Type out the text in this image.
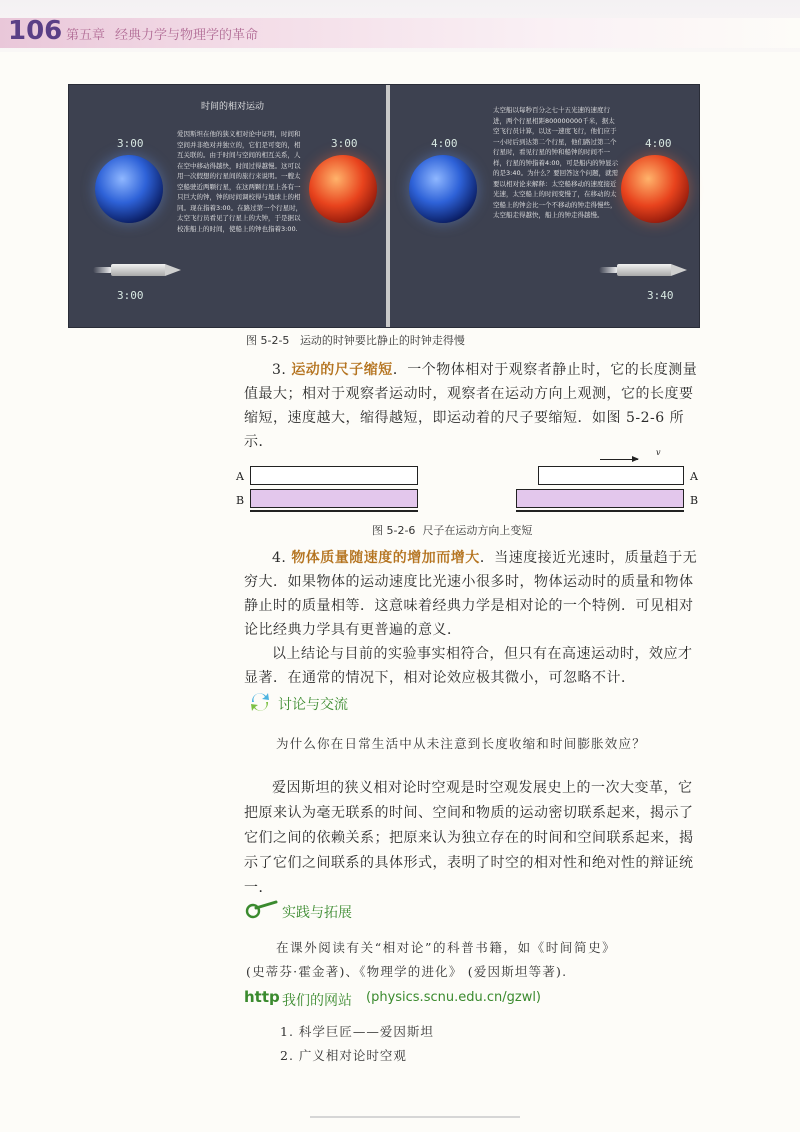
106 第五章 经典力学与物理学的革命
时间的相对运动
3:00
爱因斯坦在他的狭义相对论中证明，时间和空间并非绝对并独立的，它们是可变的，相互关联的。由于时间与空间的相互关系，人在空中移动得越快，时间过得越慢。这可以用一次假想的行星间的旅行来说明。一艘太空船驶近两颗行星，在这两颗行星上各有一只巨大的钟，钟的时间调校得与地球上的相同。现在指着3:00。在路过第一个行星时，太空飞行员看见了行星上的大钟，于是据以校准船上的时间，使船上的钟也指着3:00.
3:00
3:00
4:00
太空船以每秒百分之七十五光速的速度行进，两个行星相距800000000千米，据太空飞行员计算，以这一速度飞行，他们应于一小时后到达第二个行星，他们路过第二个行星时，看见行星的钟和船钟的时间不一样，行星的钟指着4:00，可是船内的钟显示的是3:40。为什么？要回答这个问题，就需要以相对论来解释：太空船移动的速度接近光速，太空船上的时间变慢了，在移动的太空船上的钟会比一个不移动的钟走得慢些，太空船走得越快，船上的钟走得越慢。
4:00
3:40
图 5-2-5 运动的时钟要比静止的时钟走得慢
3. 运动的尺子缩短．一个物体相对于观察者静止时，它的长度测量值最大；相对于观察者运动时，观察者在运动方向上观测，它的长度要缩短，速度越大，缩得越短，即运动着的尺子要缩短．如图 5-2-6 所示．
A
B
v
A
B
图 5-2-6 尺子在运动方向上变短
4. 物体质量随速度的增加而增大．当速度接近光速时，质量趋于无穷大．如果物体的运动速度比光速小很多时，物体运动时的质量和物体静止时的质量相等．这意味着经典力学是相对论的一个特例．可见相对论比经典力学具有更普遍的意义．
以上结论与目前的实验事实相符合，但只有在高速运动时，效应才显著．在通常的情况下，相对论效应极其微小，可忽略不计．
讨论与交流
为什么你在日常生活中从未注意到长度收缩和时间膨胀效应？
爱因斯坦的狭义相对论时空观是时空观发展史上的一次大变革，它把原来认为毫无联系的时间、空间和物质的运动密切联系起来，揭示了它们之间的依赖关系；把原来认为独立存在的时间和空间联系起来，揭示了它们之间联系的具体形式，表明了时空的相对性和绝对性的辩证统一．
实践与拓展
在课外阅读有关“相对论”的科普书籍，如《时间简史》
(史蒂芬·霍金著)、《物理学的进化》 (爱因斯坦等著).
http 我们的网站 (physics.scnu.edu.cn/gzwl)
1. 科学巨匠——爱因斯坦
2. 广义相对论时空观
